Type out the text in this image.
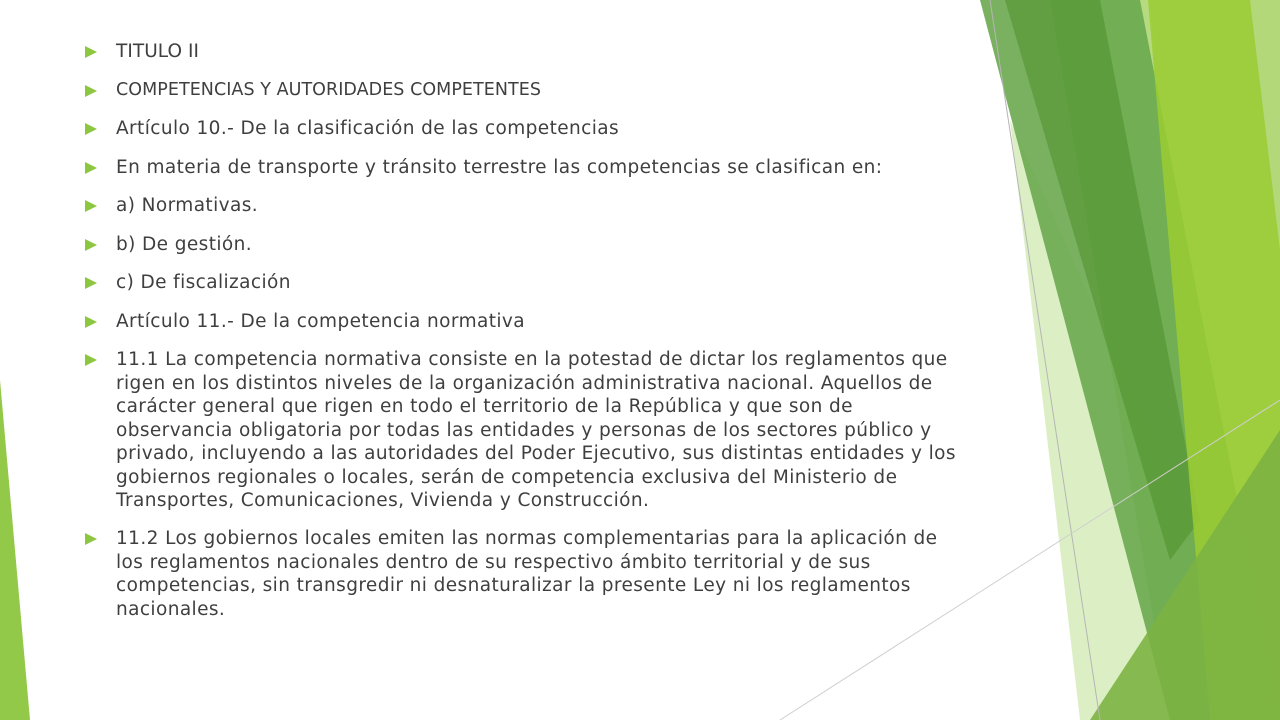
TITULO II
COMPETENCIAS Y AUTORIDADES COMPETENTES
Artículo 10.- De la clasificación de las competencias
En materia de transporte y tránsito terrestre las competencias se clasifican en:
a) Normativas.
b) De gestión.
c) De fiscalización
Artículo 11.- De la competencia normativa
11.1 La competencia normativa consiste en la potestad de dictar los reglamentos que rigen en los distintos niveles de la organización administrativa nacional. Aquellos de carácter general que rigen en todo el territorio de la República y que son de observancia obligatoria por todas las entidades y personas de los sectores público y privado, incluyendo a las autoridades del Poder Ejecutivo, sus distintas entidades y los gobiernos regionales o locales, serán de competencia exclusiva del Ministerio de Transportes, Comunicaciones, Vivienda y Construcción.
11.2 Los gobiernos locales emiten las normas complementarias para la aplicación de los reglamentos nacionales dentro de su respectivo ámbito territorial y de sus competencias, sin transgredir ni desnaturalizar la presente Ley ni los reglamentos nacionales.
